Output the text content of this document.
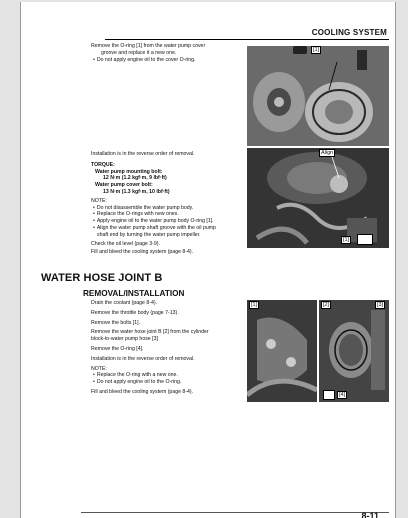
COOLING SYSTEM
Remove the O-ring [1] from the water pump cover
groove and replace it a new one.
• Do not apply engine oil to the cover O-ring.
[1]
Installation is in the reverse order of removal.
TORQUE:
Water pump mounting bolt:
12 N·m (1.2 kgf·m, 9 lbf·ft)
Water pump cover bolt:
13 N·m (1.3 kgf·m, 10 lbf·ft)
NOTE:
• Do not disassemble the water pump body.
• Replace the O-rings with new ones.
• Apply engine oil to the water pump body O-ring [1].
• Align the water pump shaft groove with the oil pump
shaft end by turning the water pump impeller.
Check the oil level (page 3-9).
Fill and bleed the cooling system (page 8-4).
Align
[1]
WATER HOSE JOINT B
REMOVAL/INSTALLATION
Drain the coolant (page 8-4).
Remove the throttle body (page 7-13).
Remove the bolts [1].
Remove the water hose joint B [2] from the cylinder
block-to-water pump hose [3]
Remove the O-ring [4].
Installation is in the reverse order of removal.
NOTE:
• Replace the O-ring with a new one.
• Do not apply engine oil to the O-ring.
Fill and bleed the cooling system (page 8-4).
[1]	[2]	[3]
[4]
8-11
